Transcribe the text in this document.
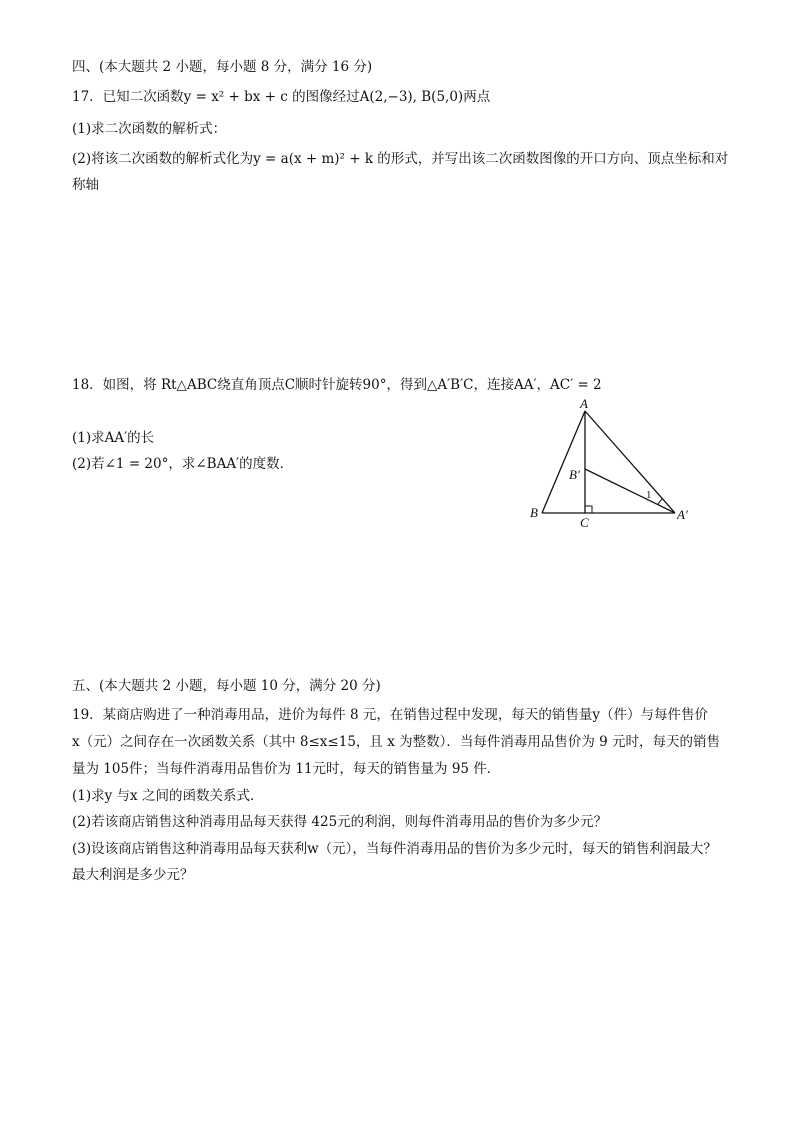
四、(本大题共 2 小题，每小题 8 分，满分 16 分)
17．已知二次函数y = x² + bx + c 的图像经过A(2,−3), B(5,0)两点
(1)求二次函数的解析式：
(2)将该二次函数的解析式化为y = a(x + m)² + k 的形式，并写出该二次函数图像的开口方向、顶点坐标和对
称轴
18．如图，将 Rt△ABC绕直角顶点C顺时针旋转90°，得到△A′B′C，连接AA′，AC′ = 2
(1)求AA′的长
(2)若∠1 = 20°，求∠BAA′的度数．
A
B
C
B′
A′
1
五、(本大题共 2 小题，每小题 10 分，满分 20 分)
19．某商店购进了一种消毒用品，进价为每件 8 元，在销售过程中发现，每天的销售量y（件）与每件售价
x（元）之间存在一次函数关系（其中 8≤x≤15，且 x 为整数）．当每件消毒用品售价为 9 元时，每天的销售
量为 105件；当每件消毒用品售价为 11元时，每天的销售量为 95 件．
(1)求y 与x 之间的函数关系式．
(2)若该商店销售这种消毒用品每天获得 425元的利润，则每件消毒用品的售价为多少元？
(3)设该商店销售这种消毒用品每天获利w（元），当每件消毒用品的售价为多少元时，每天的销售利润最大？
最大利润是多少元？
